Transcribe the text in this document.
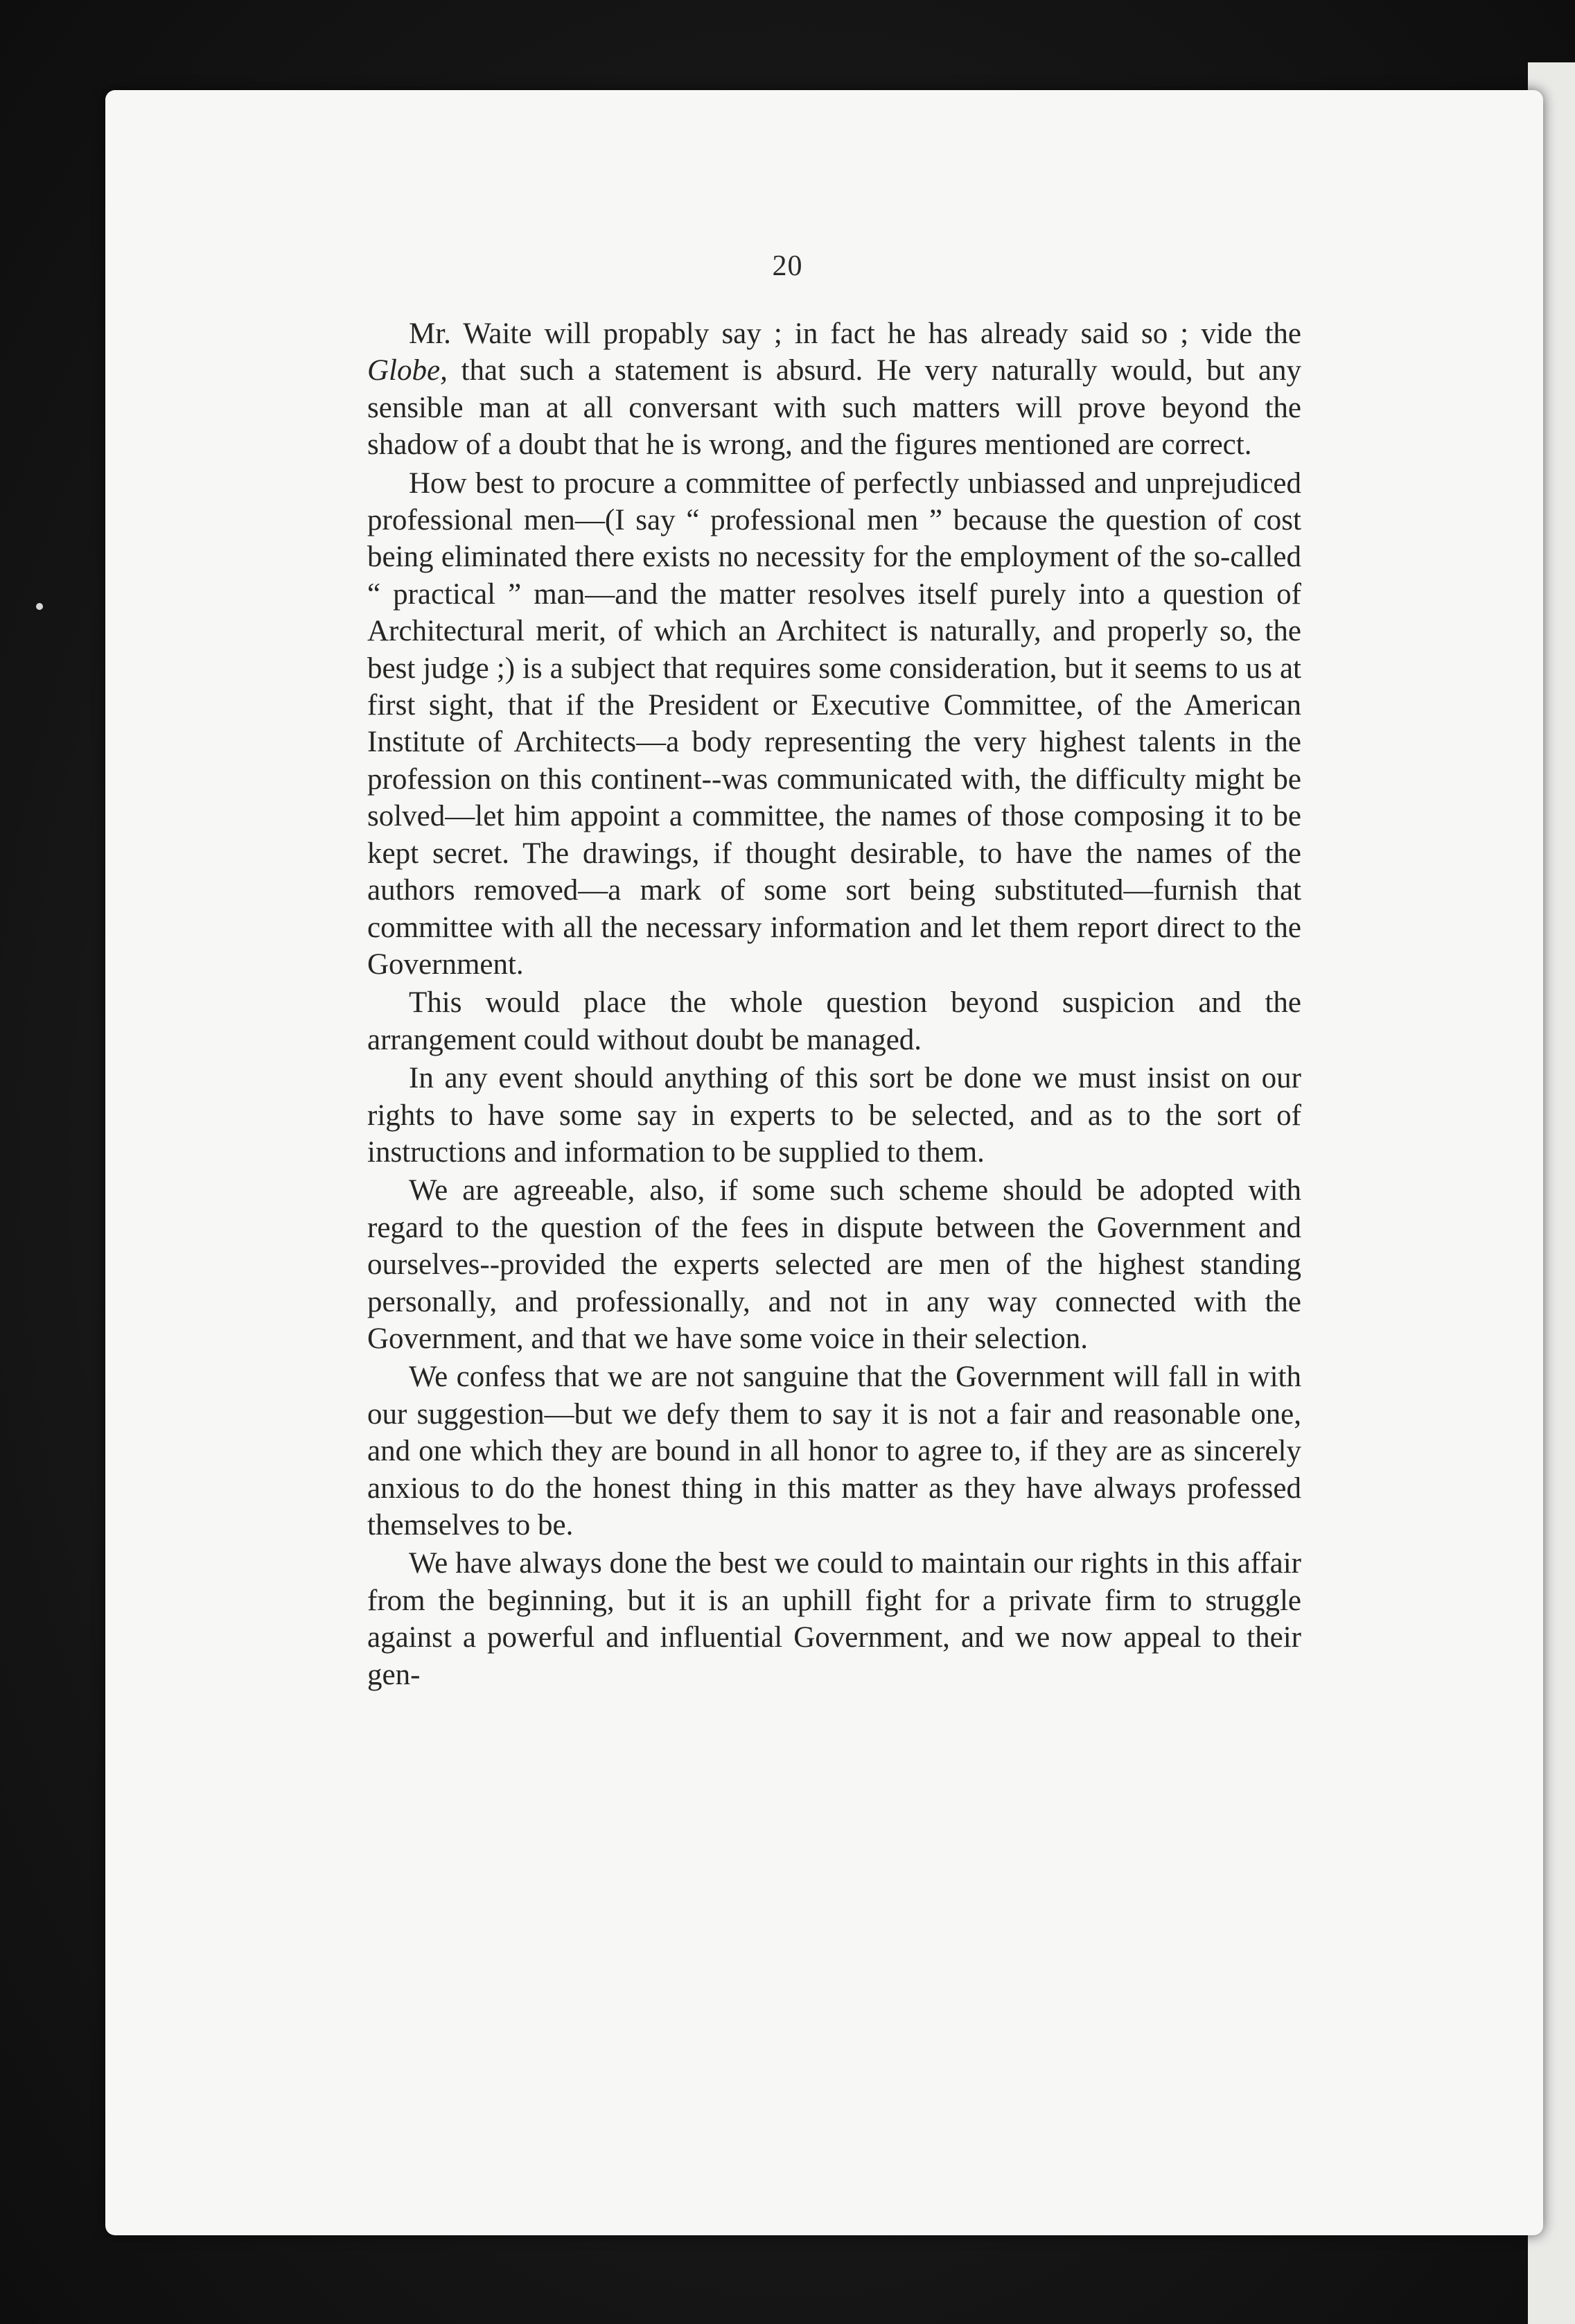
20

Mr. Waite will propably say ; in fact he has already said so ; vide the Globe, that such a statement is absurd. He very naturally would, but any sensible man at all conversant with such matters will prove beyond the shadow of a doubt that he is wrong, and the figures mentioned are correct.

How best to procure a committee of perfectly unbiassed and unprejudiced professional men—(I say “ professional men ” because the question of cost being eliminated there exists no necessity for the employment of the so-called “ practical ” man—and the matter resolves itself purely into a question of Architectural merit, of which an Architect is naturally, and properly so, the best judge ;) is a subject that requires some consideration, but it seems to us at first sight, that if the President or Executive Committee, of the American Institute of Architects—a body representing the very highest talents in the profession on this continent--was communicated with, the difficulty might be solved—let him appoint a committee, the names of those composing it to be kept secret. The drawings, if thought desirable, to have the names of the authors removed—a mark of some sort being substituted—furnish that committee with all the necessary information and let them report direct to the Government.

This would place the whole question beyond suspicion and the arrangement could without doubt be managed.

In any event should anything of this sort be done we must insist on our rights to have some say in experts to be selected, and as to the sort of instructions and information to be supplied to them.

We are agreeable, also, if some such scheme should be adopted with regard to the question of the fees in dispute between the Government and ourselves--provided the experts selected are men of the highest standing personally, and professionally, and not in any way connected with the Government, and that we have some voice in their selection.

We confess that we are not sanguine that the Government will fall in with our suggestion—but we defy them to say it is not a fair and reasonable one, and one which they are bound in all honor to agree to, if they are as sincerely anxious to do the honest thing in this matter as they have always professed themselves to be.

We have always done the best we could to maintain our rights in this affair from the beginning, but it is an uphill fight for a private firm to struggle against a powerful and influential Government, and we now appeal to their gen-
